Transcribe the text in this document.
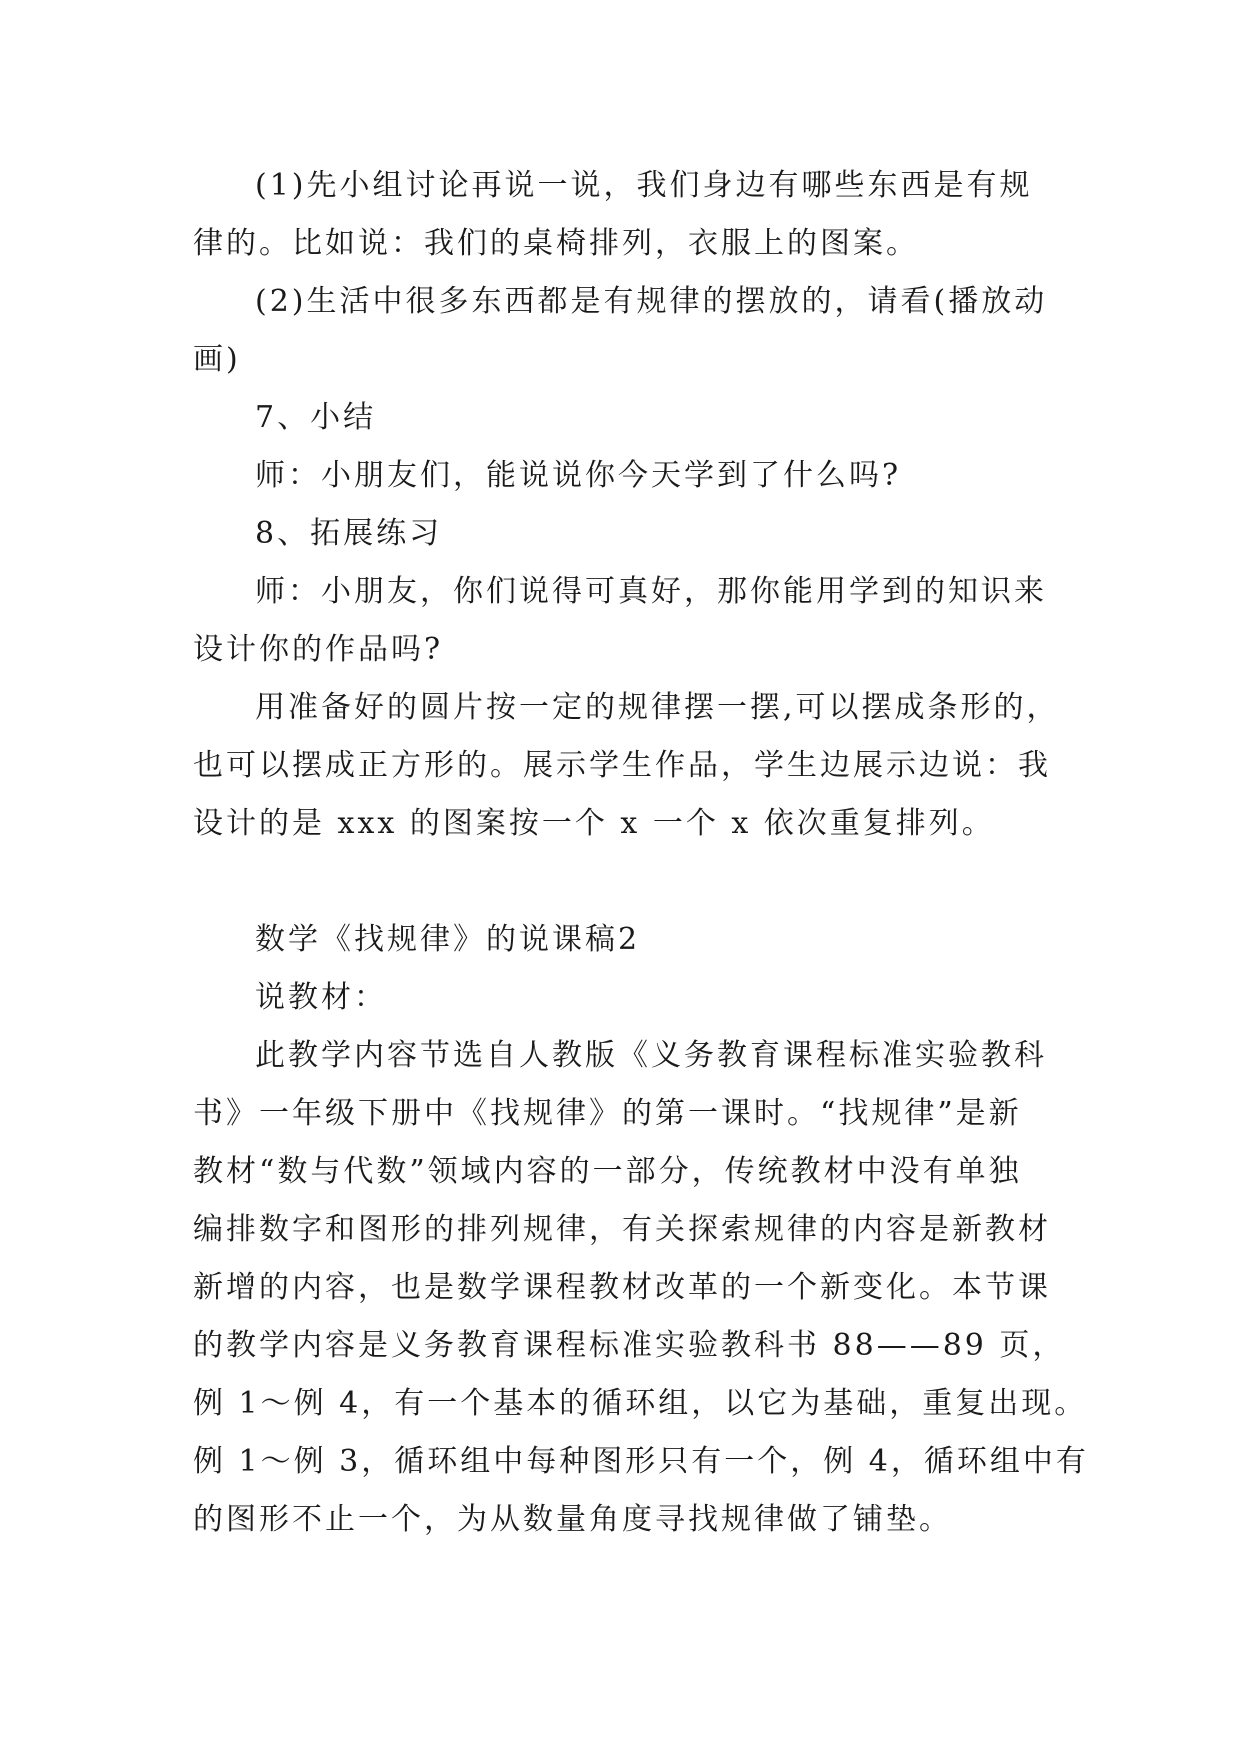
(1)先小组讨论再说一说，我们身边有哪些东西是有规
律的。比如说：我们的桌椅排列，衣服上的图案。
(2)生活中很多东西都是有规律的摆放的，请看(播放动
画)
7、小结
师：小朋友们，能说说你今天学到了什么吗?
8、拓展练习
师：小朋友，你们说得可真好，那你能用学到的知识来
设计你的作品吗?
用准备好的圆片按一定的规律摆一摆,可以摆成条形的，
也可以摆成正方形的。展示学生作品，学生边展示边说：我
设计的是 xxx 的图案按一个 x 一个 x 依次重复排列。
数学《找规律》的说课稿2
说教材：
此教学内容节选自人教版《义务教育课程标准实验教科
书》一年级下册中《找规律》的第一课时。“找规律”是新
教材“数与代数”领域内容的一部分，传统教材中没有单独
编排数字和图形的排列规律，有关探索规律的内容是新教材
新增的内容，也是数学课程教材改革的一个新变化。本节课
的教学内容是义务教育课程标准实验教科书 88——89 页，
例 1～例 4，有一个基本的循环组，以它为基础，重复出现。
例 1～例 3，循环组中每种图形只有一个，例 4，循环组中有
的图形不止一个，为从数量角度寻找规律做了铺垫。
